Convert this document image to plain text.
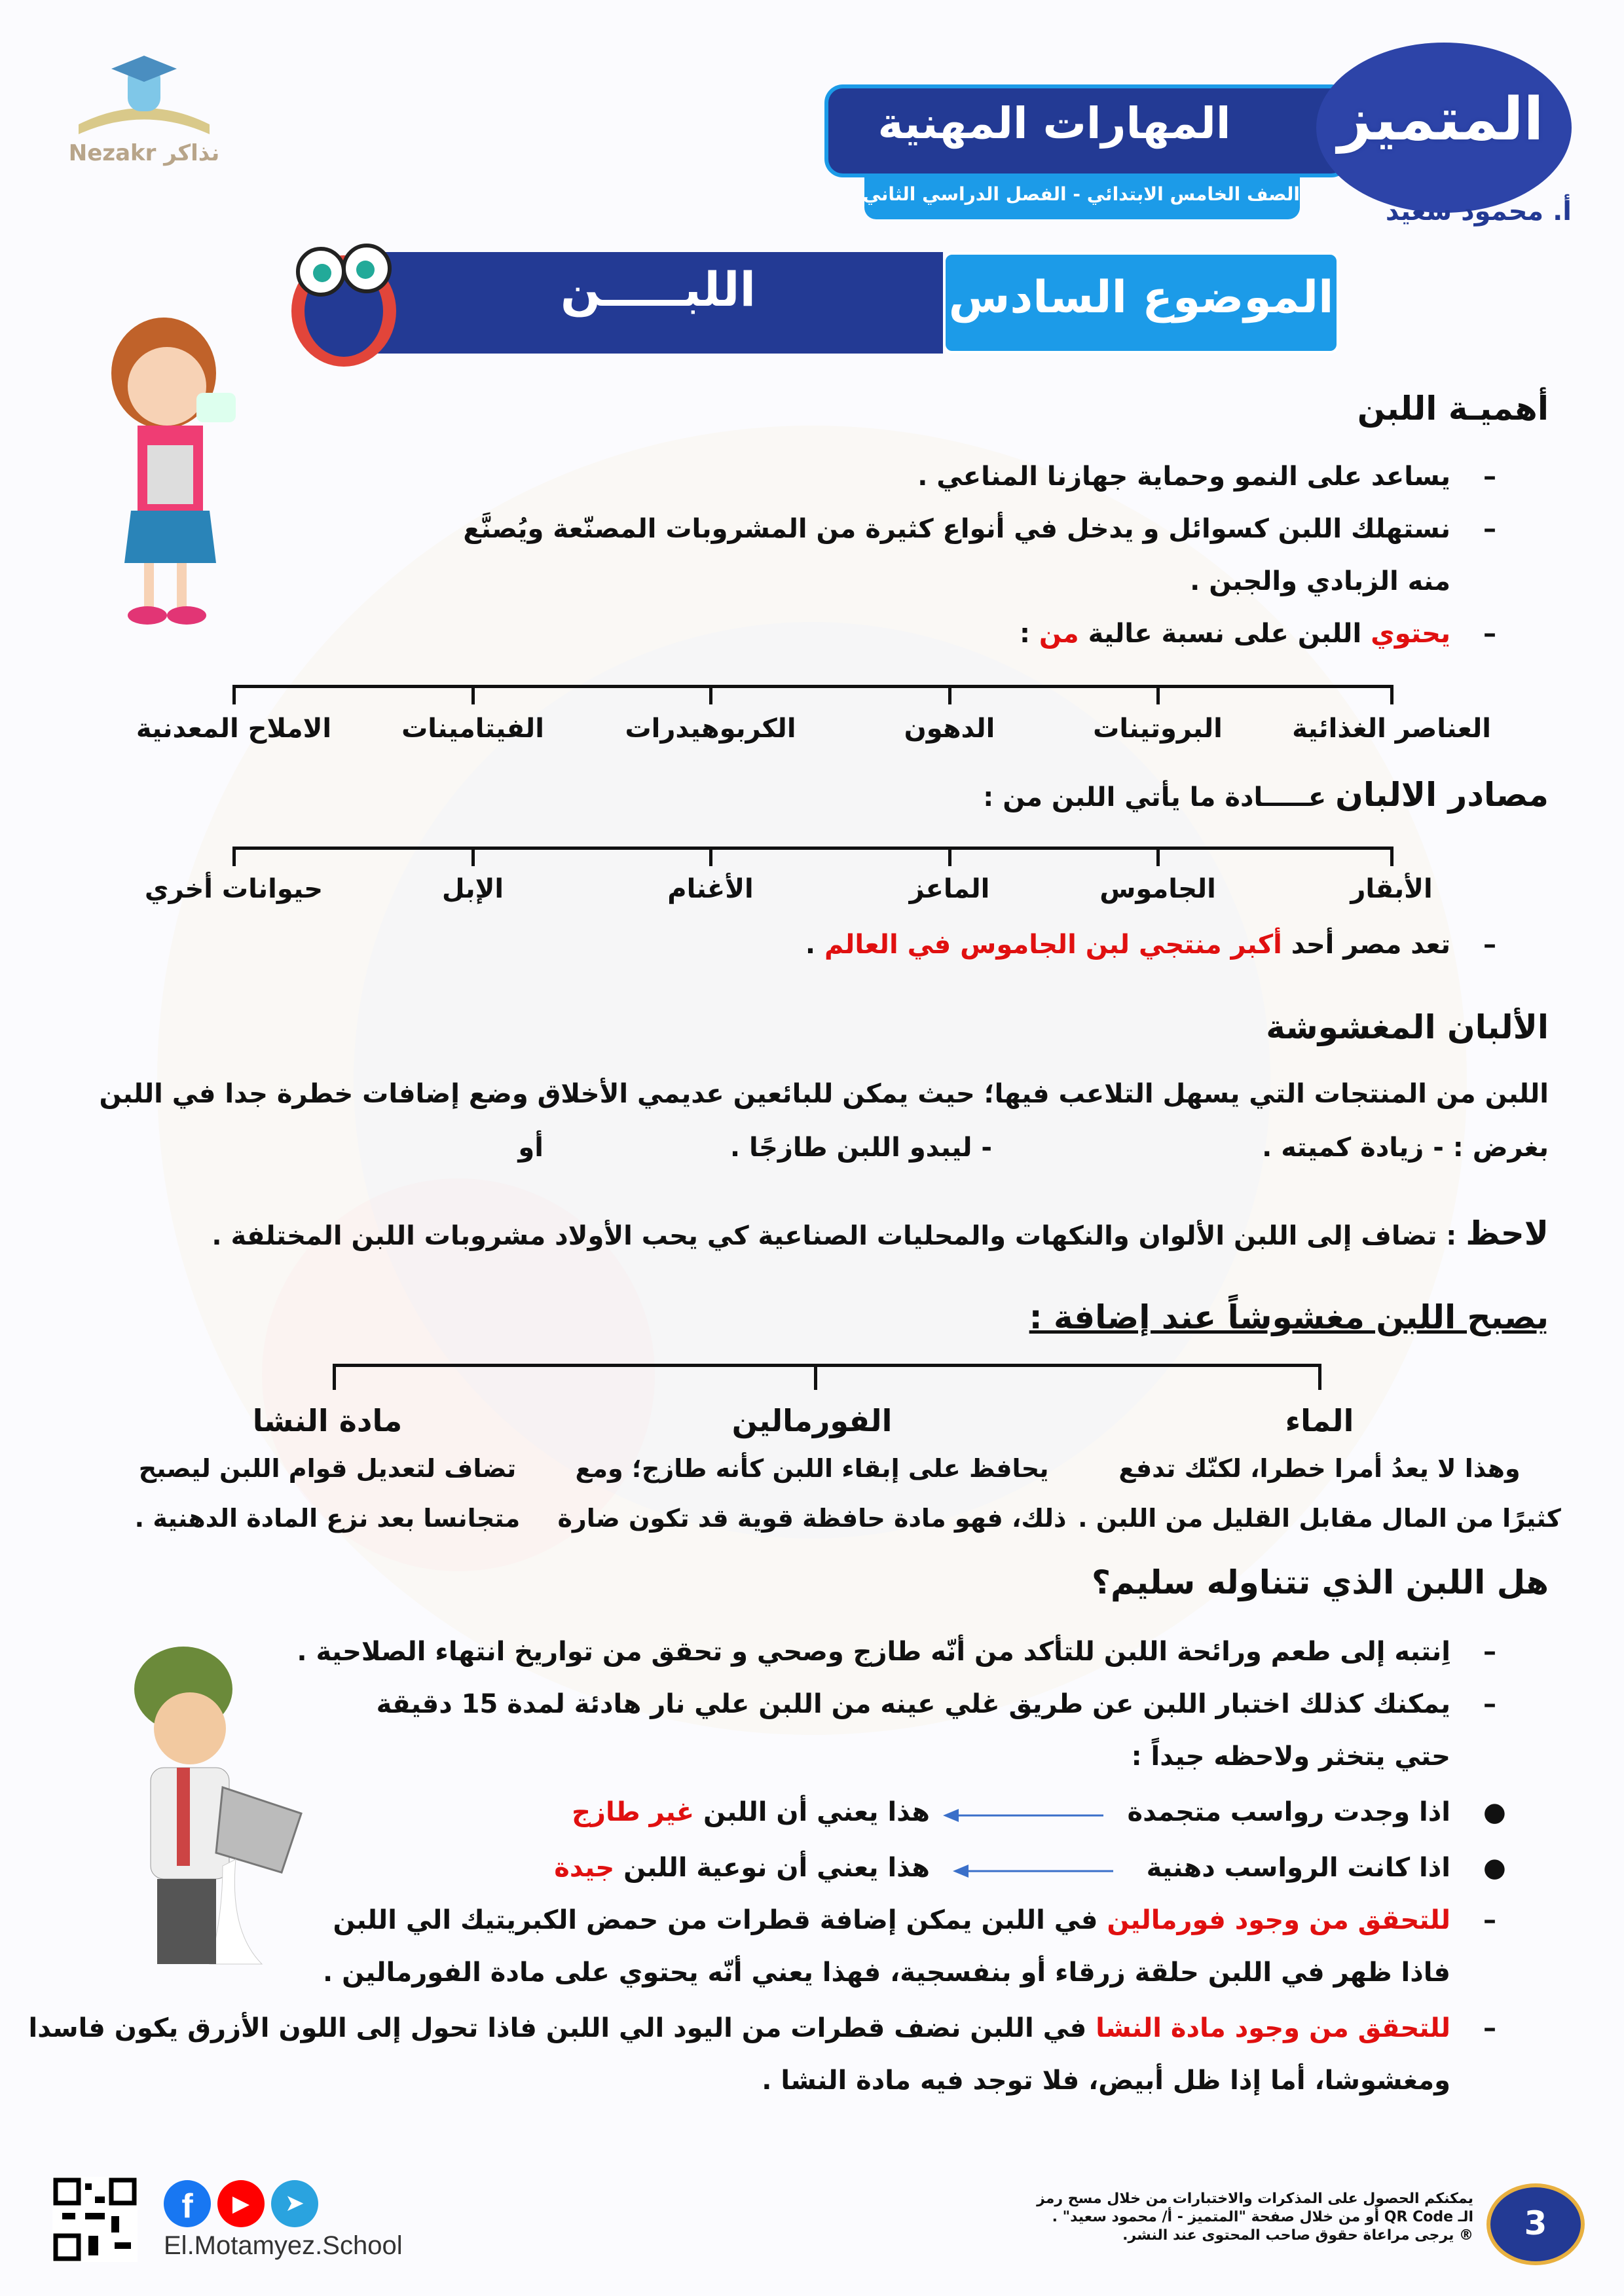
Nezakr نذاكر
المهارات المهنية
الصف الخامس الابتدائي - الفصل الدراسي الثاني
المتميز
أ. محمود سعيد
اللبـــــن	الموضوع السادس
أهميـة اللبن
–
يساعد على النمو وحماية جهازنا المناعي .
–
نستهلك اللبن كسوائل و يدخل في أنواع كثيرة من المشروبات المصنّعة ويُصنَّع
منه الزبادي والجبن .
–
يحتوي اللبن على نسبة عالية من :
العناصر الغذائية
البروتينات
الدهون
الكربوهيدرات
الفيتامينات
الاملاح المعدنية
مصادر الالبان عـــــادة ما يأتي اللبن من :
الأبقار
الجاموس
الماعز
الأغنام
الإبل
حيوانات أخري
–
تعد مصر أحد أكبر منتجي لبن الجاموس في العالم .
الألبان المغشوشة
اللبن من المنتجات التي يسهل التلاعب فيها؛ حيث يمكن للبائعين عديمي الأخلاق وضع إضافات خطرة جدا في اللبن
بغرض : - زيادة كميته .
أو	- ليبدو اللبن طازجًا .
لاحظ : تضاف إلى اللبن الألوان والنكهات والمحليات الصناعية كي يحب الأولاد مشروبات اللبن المختلفة .
يصبح اللبن مغشوشاً عند إضافة :
الماء
وهذا لا يعدُ أمرا خطرا، لكنّك تدفع
كثيرًا من المال مقابل القليل من اللبن .
الفورمالين
يحافظ على إبقاء اللبن كأنه طازج؛ ومع
ذلك، فهو مادة حافظة قوية قد تكون ضارة
مادة النشا
تضاف لتعديل قوام اللبن ليصبح
متجانسا بعد نزع المادة الدهنية .
هل اللبن الذي تتناوله سليم؟
–
اِنتبه إلى طعم ورائحة اللبن للتأكد من أنّه طازج وصحي و تحقق من تواريخ انتهاء الصلاحية .
–
يمكنك كذلك اختبار اللبن عن طريق غلي عينه من اللبن علي نار هادئة لمدة 15 دقيقة
حتي يتخثر ولاحظه جيداً :
●
اذا وجدت رواسب متجمدة
هذا يعني أن اللبن غير طازج
●
اذا كانت الرواسب دهنية
هذا يعني أن نوعية اللبن جيدة
–
للتحقق من وجود فورمالين في اللبن يمكن إضافة قطرات من حمض الكبريتيك الي اللبن
فاذا ظهر في اللبن حلقة زرقاء أو بنفسجية، فهذا يعني أنّه يحتوي على مادة الفورمالين .
–
للتحقق من وجود مادة النشا في اللبن نضف قطرات من اليود الي اللبن فاذا تحول إلى اللون الأزرق يكون فاسدا
ومغشوشا، أما إذا ظل أبيض، فلا توجد فيه مادة النشا .
f	▶	➤
El.Motamyez.School
يمكنكم الحصول على المذكرات والاختبارات من خلال مسح رمز
الـ QR Code أو من خلال صفحة "المتميز - أ/ محمود سعيد" .
® يرجى مراعاة حقوق صاحب المحتوى عند النشر.	3
